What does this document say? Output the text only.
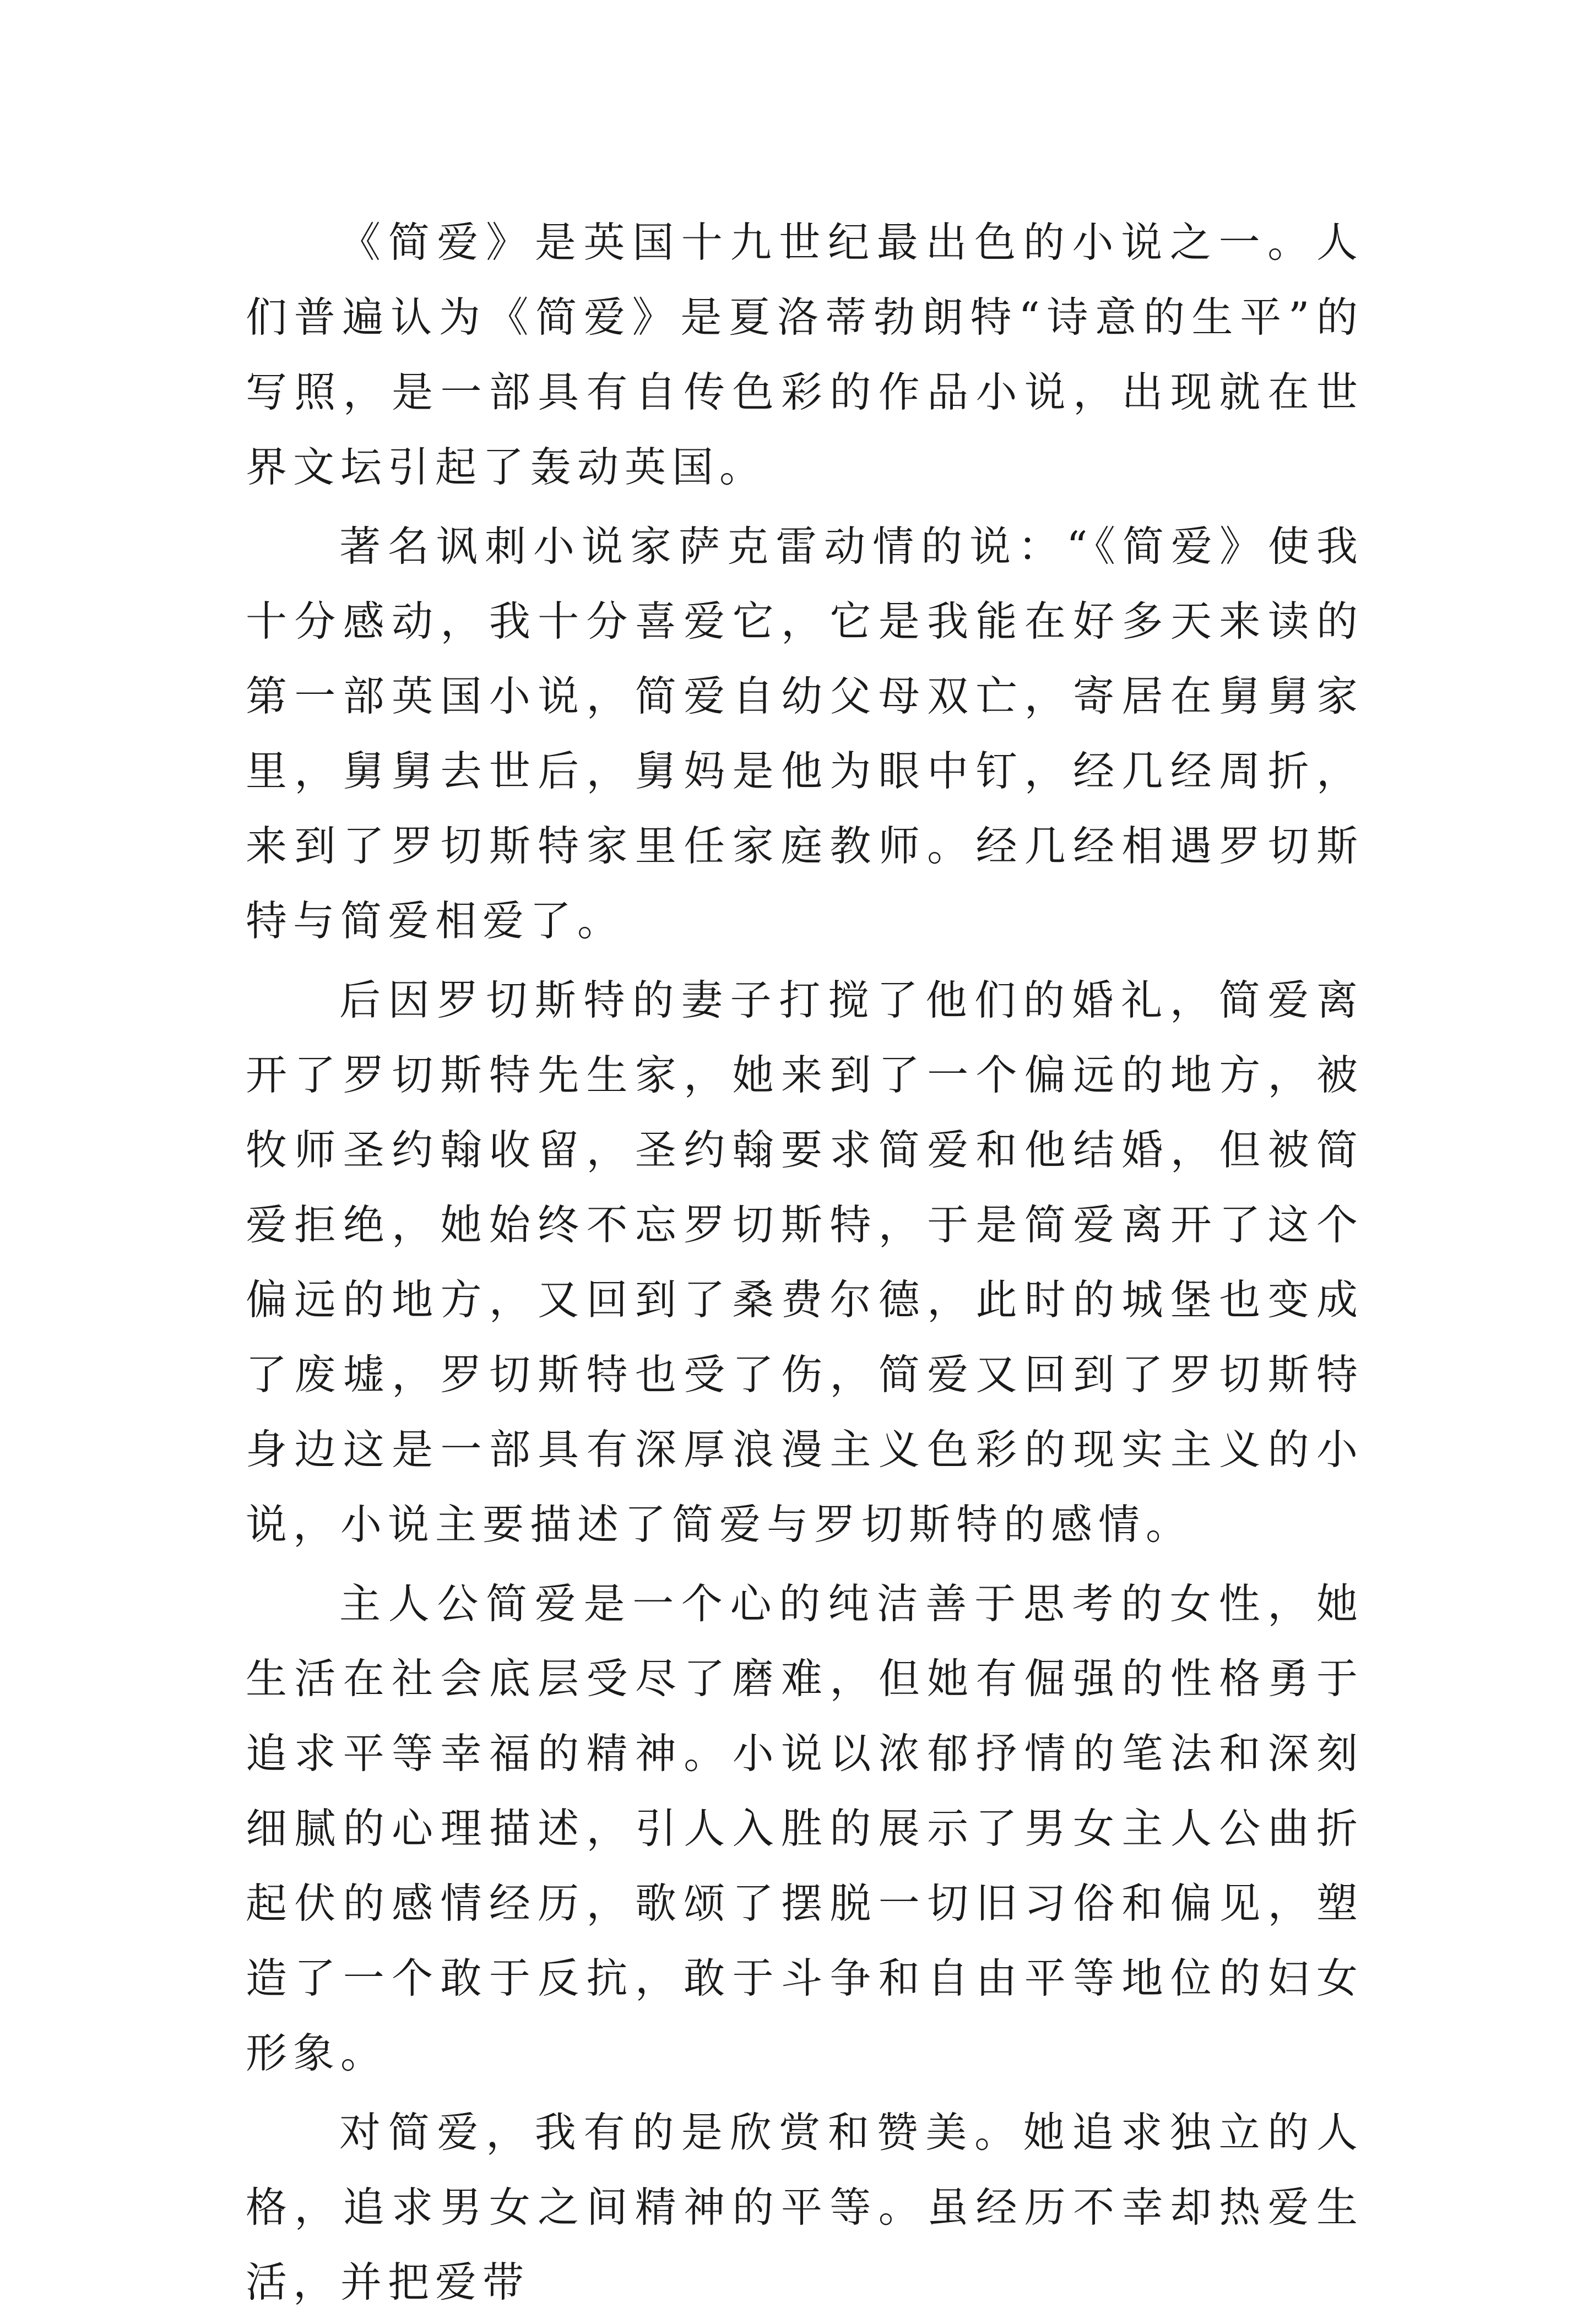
《简爱》是英国十九世纪最出色的小说之一。人们普遍认为《简爱》是夏洛蒂勃朗特“诗意的生平”的写照，是一部具有自传色彩的作品小说，出现就在世界文坛引起了轰动英国。

著名讽刺小说家萨克雷动情的说：“《简爱》使我十分感动，我十分喜爱它，它是我能在好多天来读的第一部英国小说，简爱自幼父母双亡，寄居在舅舅家里，舅舅去世后，舅妈是他为眼中钉，经几经周折，来到了罗切斯特家里任家庭教师。经几经相遇罗切斯特与简爱相爱了。

后因罗切斯特的妻子打搅了他们的婚礼，简爱离开了罗切斯特先生家，她来到了一个偏远的地方，被牧师圣约翰收留，圣约翰要求简爱和他结婚，但被简爱拒绝，她始终不忘罗切斯特，于是简爱离开了这个偏远的地方，又回到了桑费尔德，此时的城堡也变成了废墟，罗切斯特也受了伤，简爱又回到了罗切斯特身边这是一部具有深厚浪漫主义色彩的现实主义的小说，小说主要描述了简爱与罗切斯特的感情。

主人公简爱是一个心的纯洁善于思考的女性，她生活在社会底层受尽了磨难，但她有倔强的性格勇于追求平等幸福的精神。小说以浓郁抒情的笔法和深刻细腻的心理描述，引人入胜的展示了男女主人公曲折起伏的感情经历，歌颂了摆脱一切旧习俗和偏见，塑造了一个敢于反抗，敢于斗争和自由平等地位的妇女形象。

对简爱，我有的是欣赏和赞美。她追求独立的人格，追求男女之间精神的平等。虽经历不幸却热爱生活，并把爱带
